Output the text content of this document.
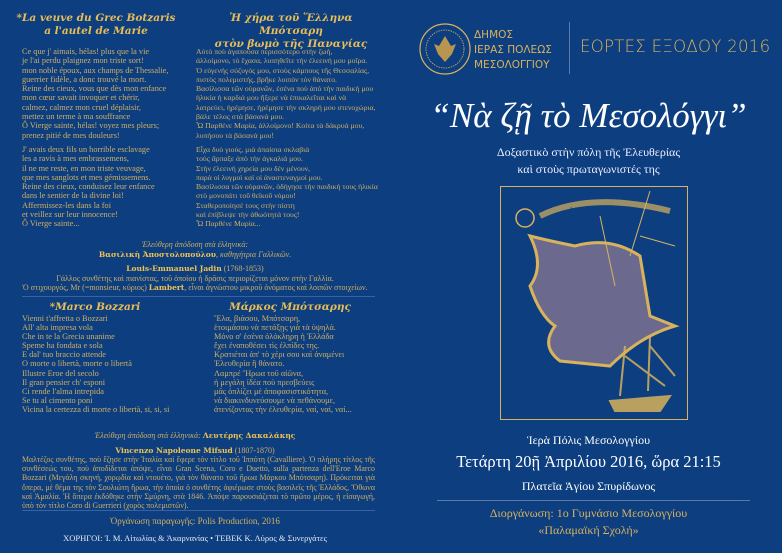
*La veuve du Grec Botzaris
a l'autel de Marie
Ce que j' aimais, hélas! plus que la vie
je l'ai perdu plaignez mon triste sort!
mon noble époux, aux champs de Thessalie,
guerrier fidèle, a donc trouvé la mort.
Reine des cieux, vous que dès mon enfance
mon cœur savait invoquer et chérir,
calmez, calmez mon cruel déplaisir,
mettez un terme à ma souffrance
Ô Vierge sainte, hélas! voyez mes pleurs;
prenez pitié de mes douleurs!
J' avais deux fils un horrible esclavage
les a ravis à mes embrassemens,
il ne me reste, en mon triste veuvage,
que mes sanglots et mes gémissemens.
Reine des cieux, conduisez leur enfance
dans le sentier de la divine loi!
Affermissez-les dans la foi
et veillez sur leur innocence!
Ô Vierge sainte...
Ἡ χήρα τοῦ Ἕλληνα Μπότσαρη
στὸν βωμὸ τῆς Παναγίας
Αὐτὸ ποὺ ἀγαποῦσα περισσότερο στὴν ζωή,
ἀλλοίμονο, τὸ ἔχασα, λυπηθεῖτε τὴν ἐλεεινή μου μοῖρα.
Ὁ εὐγενής σύζυγός μου, στοὺς κάμπους τῆς Θεσσαλίας,
πιστὸς πολεμιστής, βρῆκε λοιπὸν τὸν θάνατο.
Βασίλισσα τῶν οὐρανῶν, ἐσένα ποὺ ἀπὸ τὴν παιδική μου
ἡλικία ἡ καρδιά μου ἤξερε νὰ ἐπικαλεῖται καὶ νὰ
λατρεύει, ἠρέμησε, ἠρέμησε τὴν σκληρή μου στενοχώρια,
βάλε τέλος στὰ βάσανά μου.
Ὦ Παρθένε Μαρία, ἀλλοίμονο! Κοίτα τὰ δάκρυά μου,
λυπήσου τὰ βάσανά μου!
Εἶχα δυὸ γιούς, μιὰ ἀπαίσια σκλαβιὰ
τοὺς ἅρπαξε ἀπὸ τὴν ἀγκαλιά μου.
Στὴν ἐλεεινή χηρεία μου δὲν μένουν,
παρὰ οἱ λυγμοὶ καὶ οἱ ἀναστεναγμοί μου.
Βασίλισσα τῶν οὐρανῶν, ὁδήγησε τὴν παιδική τους ἡλικία
στὸ μονοπάτι τοῦ θεϊκοῦ νόμου!
Σταθεροποίησέ τους στὴν πίστη
καὶ ἐπίβλεψε τὴν ἀθωότητά τους!
Ὦ Παρθένε Μαρία...
Ἐλεύθερη ἀπόδοση στὰ ἑλληνικά:
Βασιλικὴ Ἀποστολοπούλου, καθηγήτρια Γαλλικῶν.
Louis-Emmanuel Jadin (1768-1853)
Γάλλος συνθέτης καὶ πιανίστας, τοῦ ὁποίου ἡ δρᾶσις περιορίζεται μόνον στὴν Γαλλία.
Ὁ στιχουργός, Mr (=monsieur, κύριος) Lambert, εἶναι ἀγνώστου μικροῦ ὀνόματος καὶ λοιπῶν στοιχείων.
*Marco Bozzari
Vienni t'affretta o Bozzari
All' alta impresa vola
Che in te la Grecia unanime
Speme ha fondata e sola
E dal' tuo braccio attende
O morte o libertà, morte o libertà
Illustre Eroe del secolo
Il gran pensier ch' esponi
Ci rende l'alma intrepida
Se tu al cimento poni
Vicina la certezza di morte o libertà, si, si, si
Μάρκος Μπότσαρης
Ἔλα, βιάσου, Μπότσαρη,
ἑτοιμάσου νὰ πετάξῃς γιὰ τὰ ὑψηλά.
Μόνο σ' ἐσένα ὁλόκληρη ἡ Ἑλλάδα
ἔχει ἐναποθέσει τὶς ἐλπίδες της.
Κρατιέται ἀπ' τὸ χέρι σου καὶ ἀναμένει
Ἐλευθερία ἢ θάνατο.
Λαμπρέ Ἥρωα τοῦ αἰῶνα,
ἡ μεγάλη ἰδέα ποὺ πρεσβεύεις
μᾶς ὁπλίζει μὲ ἀποφασιστικότητα,
νὰ διακινδυνεύσουμε νὰ πεθάνουμε,
ἀτενίζοντας τὴν ἐλευθερία, ναί, ναί, ναί...
Ἐλεύθερη ἀπόδοση στὰ ἑλληνικά: Λευτέρης Δακαλάκης
Vincenzo Napoleone Mifsud (1807-1870)
Μαλτέζος συνθέτης, ποὺ ἔζησε στὴν Ἰταλία καὶ ἔφερε τὸν τίτλο τοῦ Ἱππότη (Cavalliere). Ὁ πλήρης τίτλος τῆς συνθέσεώς του, ποὺ ἀποδίδεται ἀπόψε, εἶναι Gran Scena, Coro e Duetto, sulla partenza dell'Eroe Marco Bozzari (Μεγάλη σκηνή, χορῳδία καὶ ντουέτο, γιὰ τὸν θάνατο τοῦ ἥρωα Μάρκου Μπότσαρη). Πρόκειται γιὰ ὄπερα, μὲ θέμα της τὸν Σουλιώτη ἥρωα, τὴν ὁποία ὁ συνθέτης ἀφιέρωσε στοὺς βασιλεῖς τῆς Ἑλλάδος, Ὄθωνα καὶ Ἀμαλία. Ἡ ὄπερα ἐκδόθηκε στὴν Σμύρνη, στὰ 1846. Ἀπόψε παρουσιάζεται τὸ πρῶτο μέρος, ἡ εἰσαγωγή, ὑπὸ τὸν τίτλο Coro di Guerrieri (χορὸς πολεμιστῶν).
Ὀργάνωση παραγωγῆς: Polis Production, 2016
ΧΟΡΗΓΟΙ: Ἱ. Μ. Αἰτωλίας & Ἀκαρνανίας • ΤΕΒΕΚ Κ. Λύρος & Συνεργάτες
ΔΗΜΟΣ
ΙΕΡΑΣ ΠΟΛΕΩΣ
ΜΕΣΟΛΟΓΓΙΟΥ
ΕΟΡΤΕΣ ΕΞΟΔΟΥ 2016
“Νὰ ζῇ τὸ Μεσολόγγι”
Δοξαστικὸ στὴν πόλη τῆς Ἐλευθερίας
καὶ στοὺς πρωταγωνιστές της
ΜΕΣΟΛΟΓΓΙ
Ἱερὰ Πόλις Μεσολογγίου
Τετάρτη 20ῇ Ἀπριλίου 2016, ὥρα 21:15
Πλατεῖα Ἁγίου Σπυρίδωνος
Διοργάνωση: 1ο Γυμνάσιο Μεσολογγίου
«Παλαμαϊκή Σχολή»
